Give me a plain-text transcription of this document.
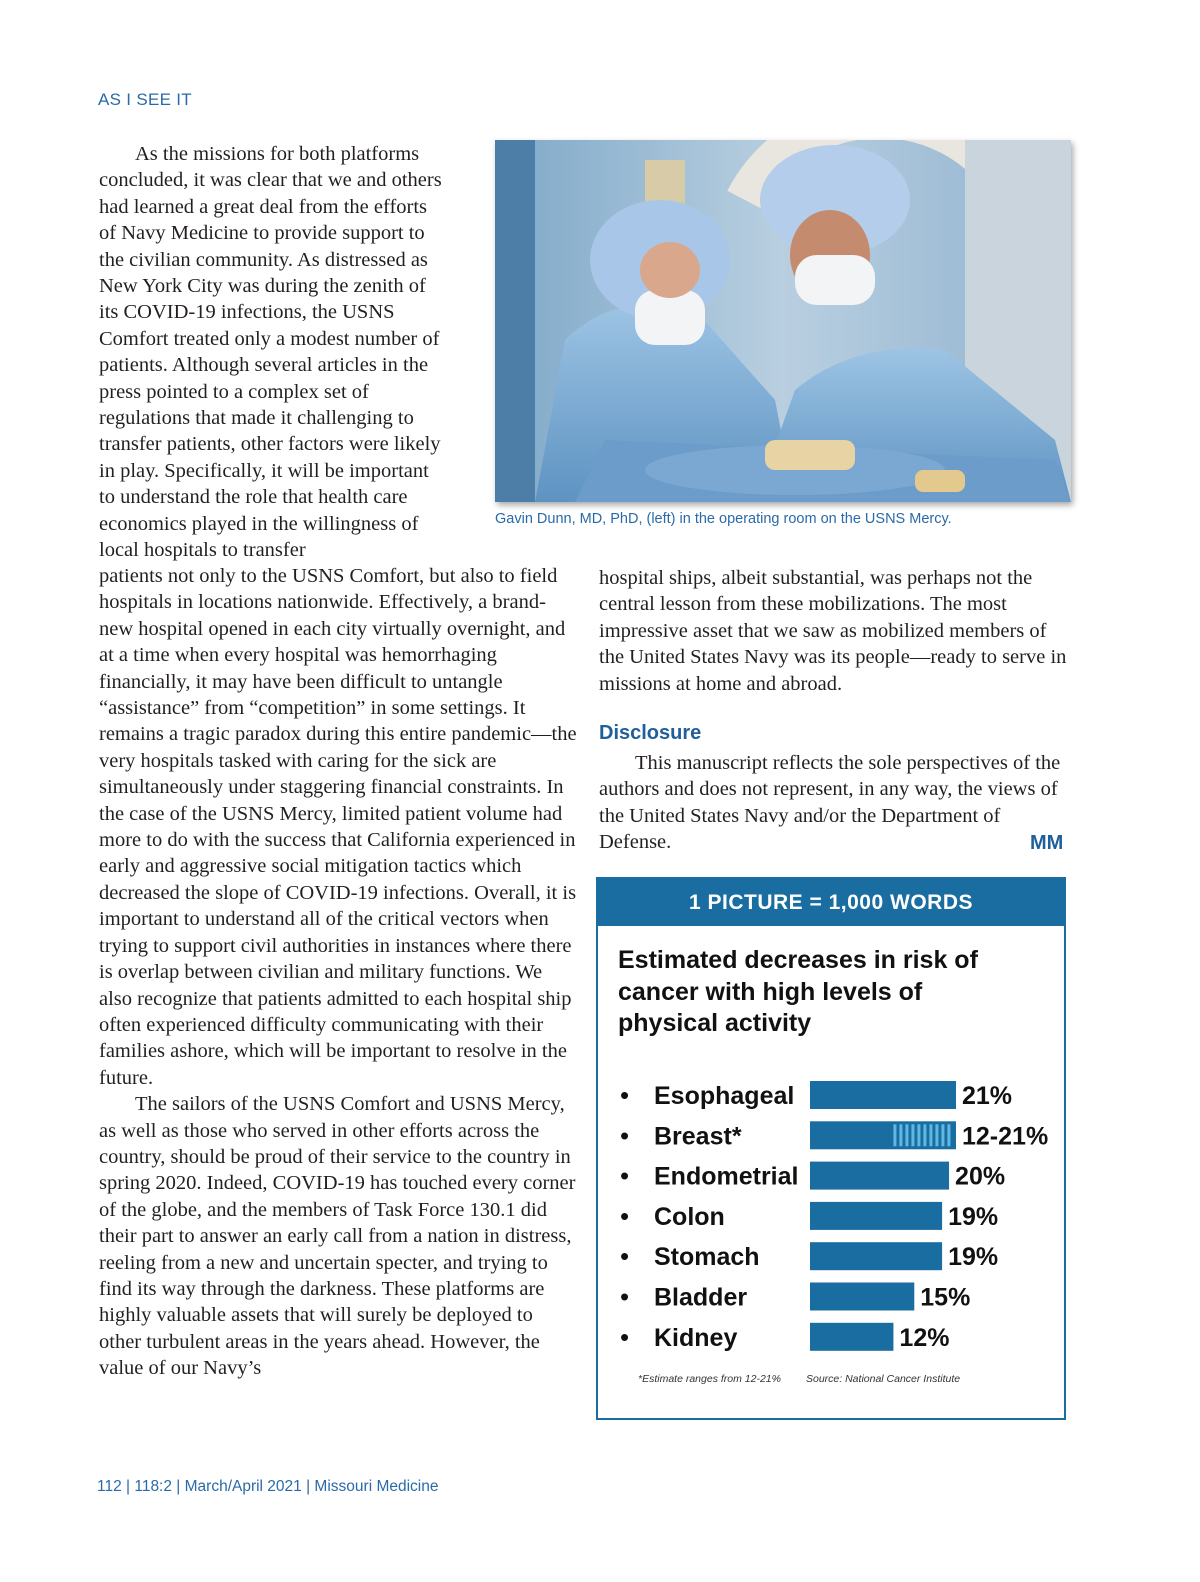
AS I SEE IT

As the missions for both platforms concluded, it was clear that we and others had learned a great deal from the efforts of Navy Medicine to provide support to the civilian community. As distressed as New York City was during the zenith of its COVID-19 infections, the USNS Comfort treated only a modest number of patients. Although several articles in the press pointed to a complex set of regulations that made it challenging to transfer patients, other factors were likely in play. Specifically, it will be important to understand the role that health care economics played in the willingness of local hospitals to transfer

Gavin Dunn, MD, PhD, (left) in the operating room on the USNS Mercy.

patients not only to the USNS Comfort, but also to field hospitals in locations nationwide. Effectively, a brand-new hospital opened in each city virtually overnight, and at a time when every hospital was hemorrhaging financially, it may have been difficult to untangle “assistance” from “competition” in some settings. It remains a tragic paradox during this entire pandemic—the very hospitals tasked with caring for the sick are simultaneously under staggering financial constraints. In the case of the USNS Mercy, limited patient volume had more to do with the success that California experienced in early and aggressive social mitigation tactics which decreased the slope of COVID-19 infections. Overall, it is important to understand all of the critical vectors when trying to support civil authorities in instances where there is overlap between civilian and military functions. We also recognize that patients admitted to each hospital ship often experienced difficulty communicating with their families ashore, which will be important to resolve in the future.

The sailors of the USNS Comfort and USNS Mercy, as well as those who served in other efforts across the country, should be proud of their service to the country in spring 2020. Indeed, COVID-19 has touched every corner of the globe, and the members of Task Force 130.1 did their part to answer an early call from a nation in distress, reeling from a new and uncertain specter, and trying to find its way through the darkness. These platforms are highly valuable assets that will surely be deployed to other turbulent areas in the years ahead. However, the value of our Navy’s

hospital ships, albeit substantial, was perhaps not the central lesson from these mobilizations. The most impressive asset that we saw as mobilized members of the United States Navy was its people—ready to serve in missions at home and abroad.

Disclosure

This manuscript reflects the sole perspectives of the authors and does not represent, in any way, the views of the United States Navy and/or the Department of Defense.	MM
1 PICTURE = 1,000 WORDS
Estimated decreases in risk of cancer with high levels of physical activity
• Esophageal	21%
• Breast*	12-21%
• Endometrial	20%
• Colon	19%
• Stomach	19%
• Bladder	15%
• Kidney	12%
*Estimate ranges from 12-21% Source: National Cancer Institute
112 | 118:2 | March/April 2021 | Missouri Medicine
